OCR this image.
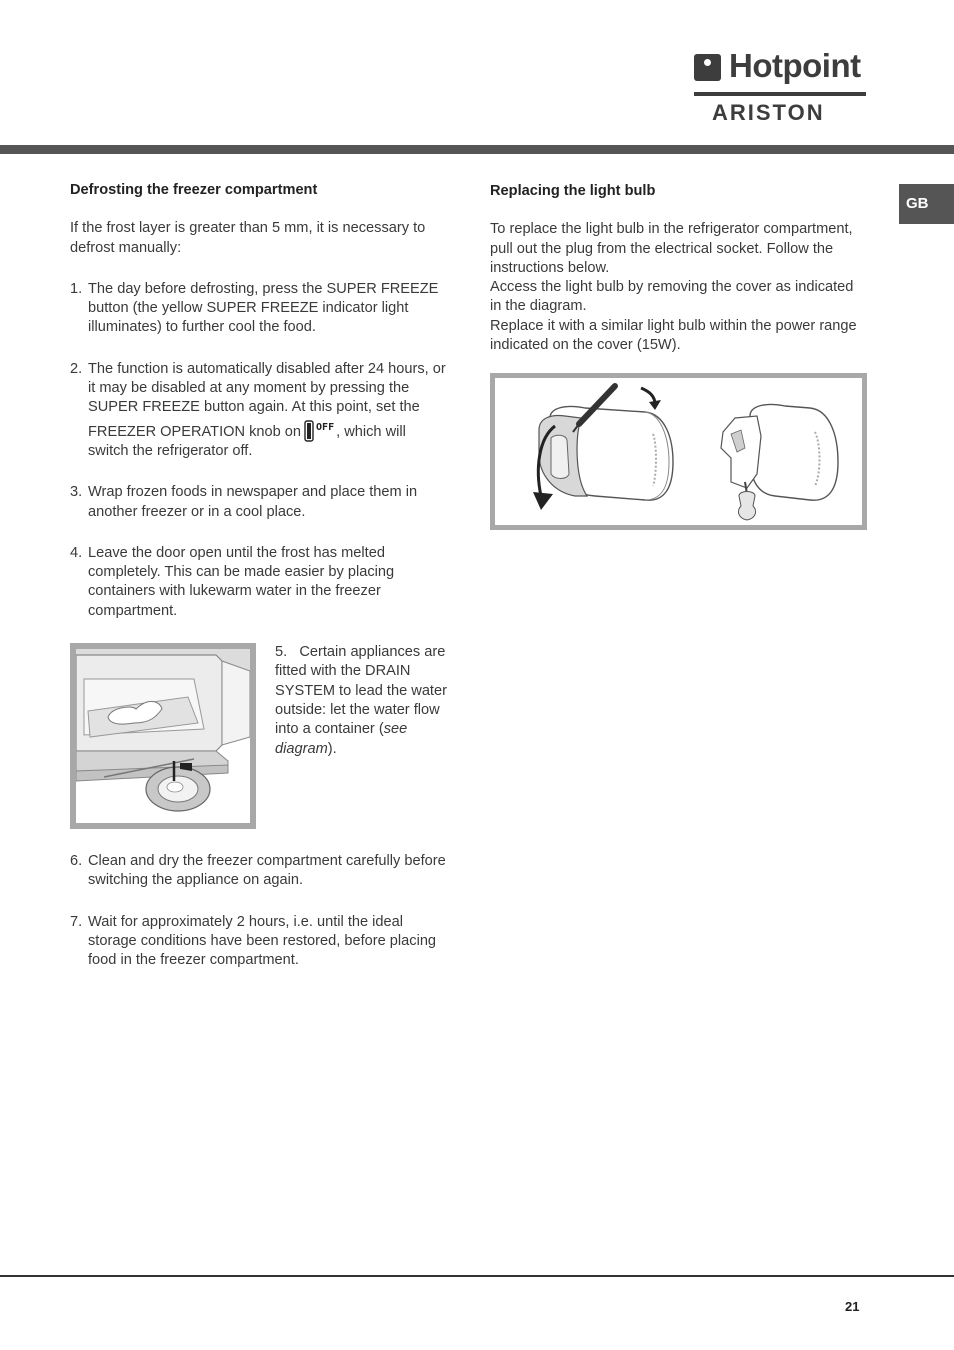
Hotpoint
ARISTON
GB
Defrosting the freezer compartment
If the frost layer is greater than 5 mm, it is necessary to defrost manually:
1. The day before defrosting, press the SUPER FREEZE button (the yellow SUPER FREEZE indicator light illuminates) to further cool the food.
2. The function is automatically disabled after 24 hours, or it may be disabled at any moment by pressing the SUPER FREEZE button again. At this point, set the FREEZER OPERATION knob on $^{OFF}$ , which will switch the refrigerator off.
3. Wrap frozen foods in newspaper and place them in another freezer or in a cool place.
4. Leave the door open until the frost has melted completely. This can be made easier by placing containers with lukewarm water in the freezer compartment.
5. Certain appliances are fitted with the DRAIN SYSTEM to lead the water outside: let the water flow into a container (see diagram).
6. Clean and dry the freezer compartment carefully before switching the appliance on again.
7. Wait for approximately 2 hours, i.e. until the ideal storage conditions have been restored, before placing food in the freezer compartment.
Replacing the light bulb
To replace the light bulb in the refrigerator compartment, pull out the plug from the electrical socket. Follow the instructions below.
Access the light bulb by removing the cover as indicated in the diagram.
Replace it with a similar light bulb within the power range indicated on the cover (15W).
21
